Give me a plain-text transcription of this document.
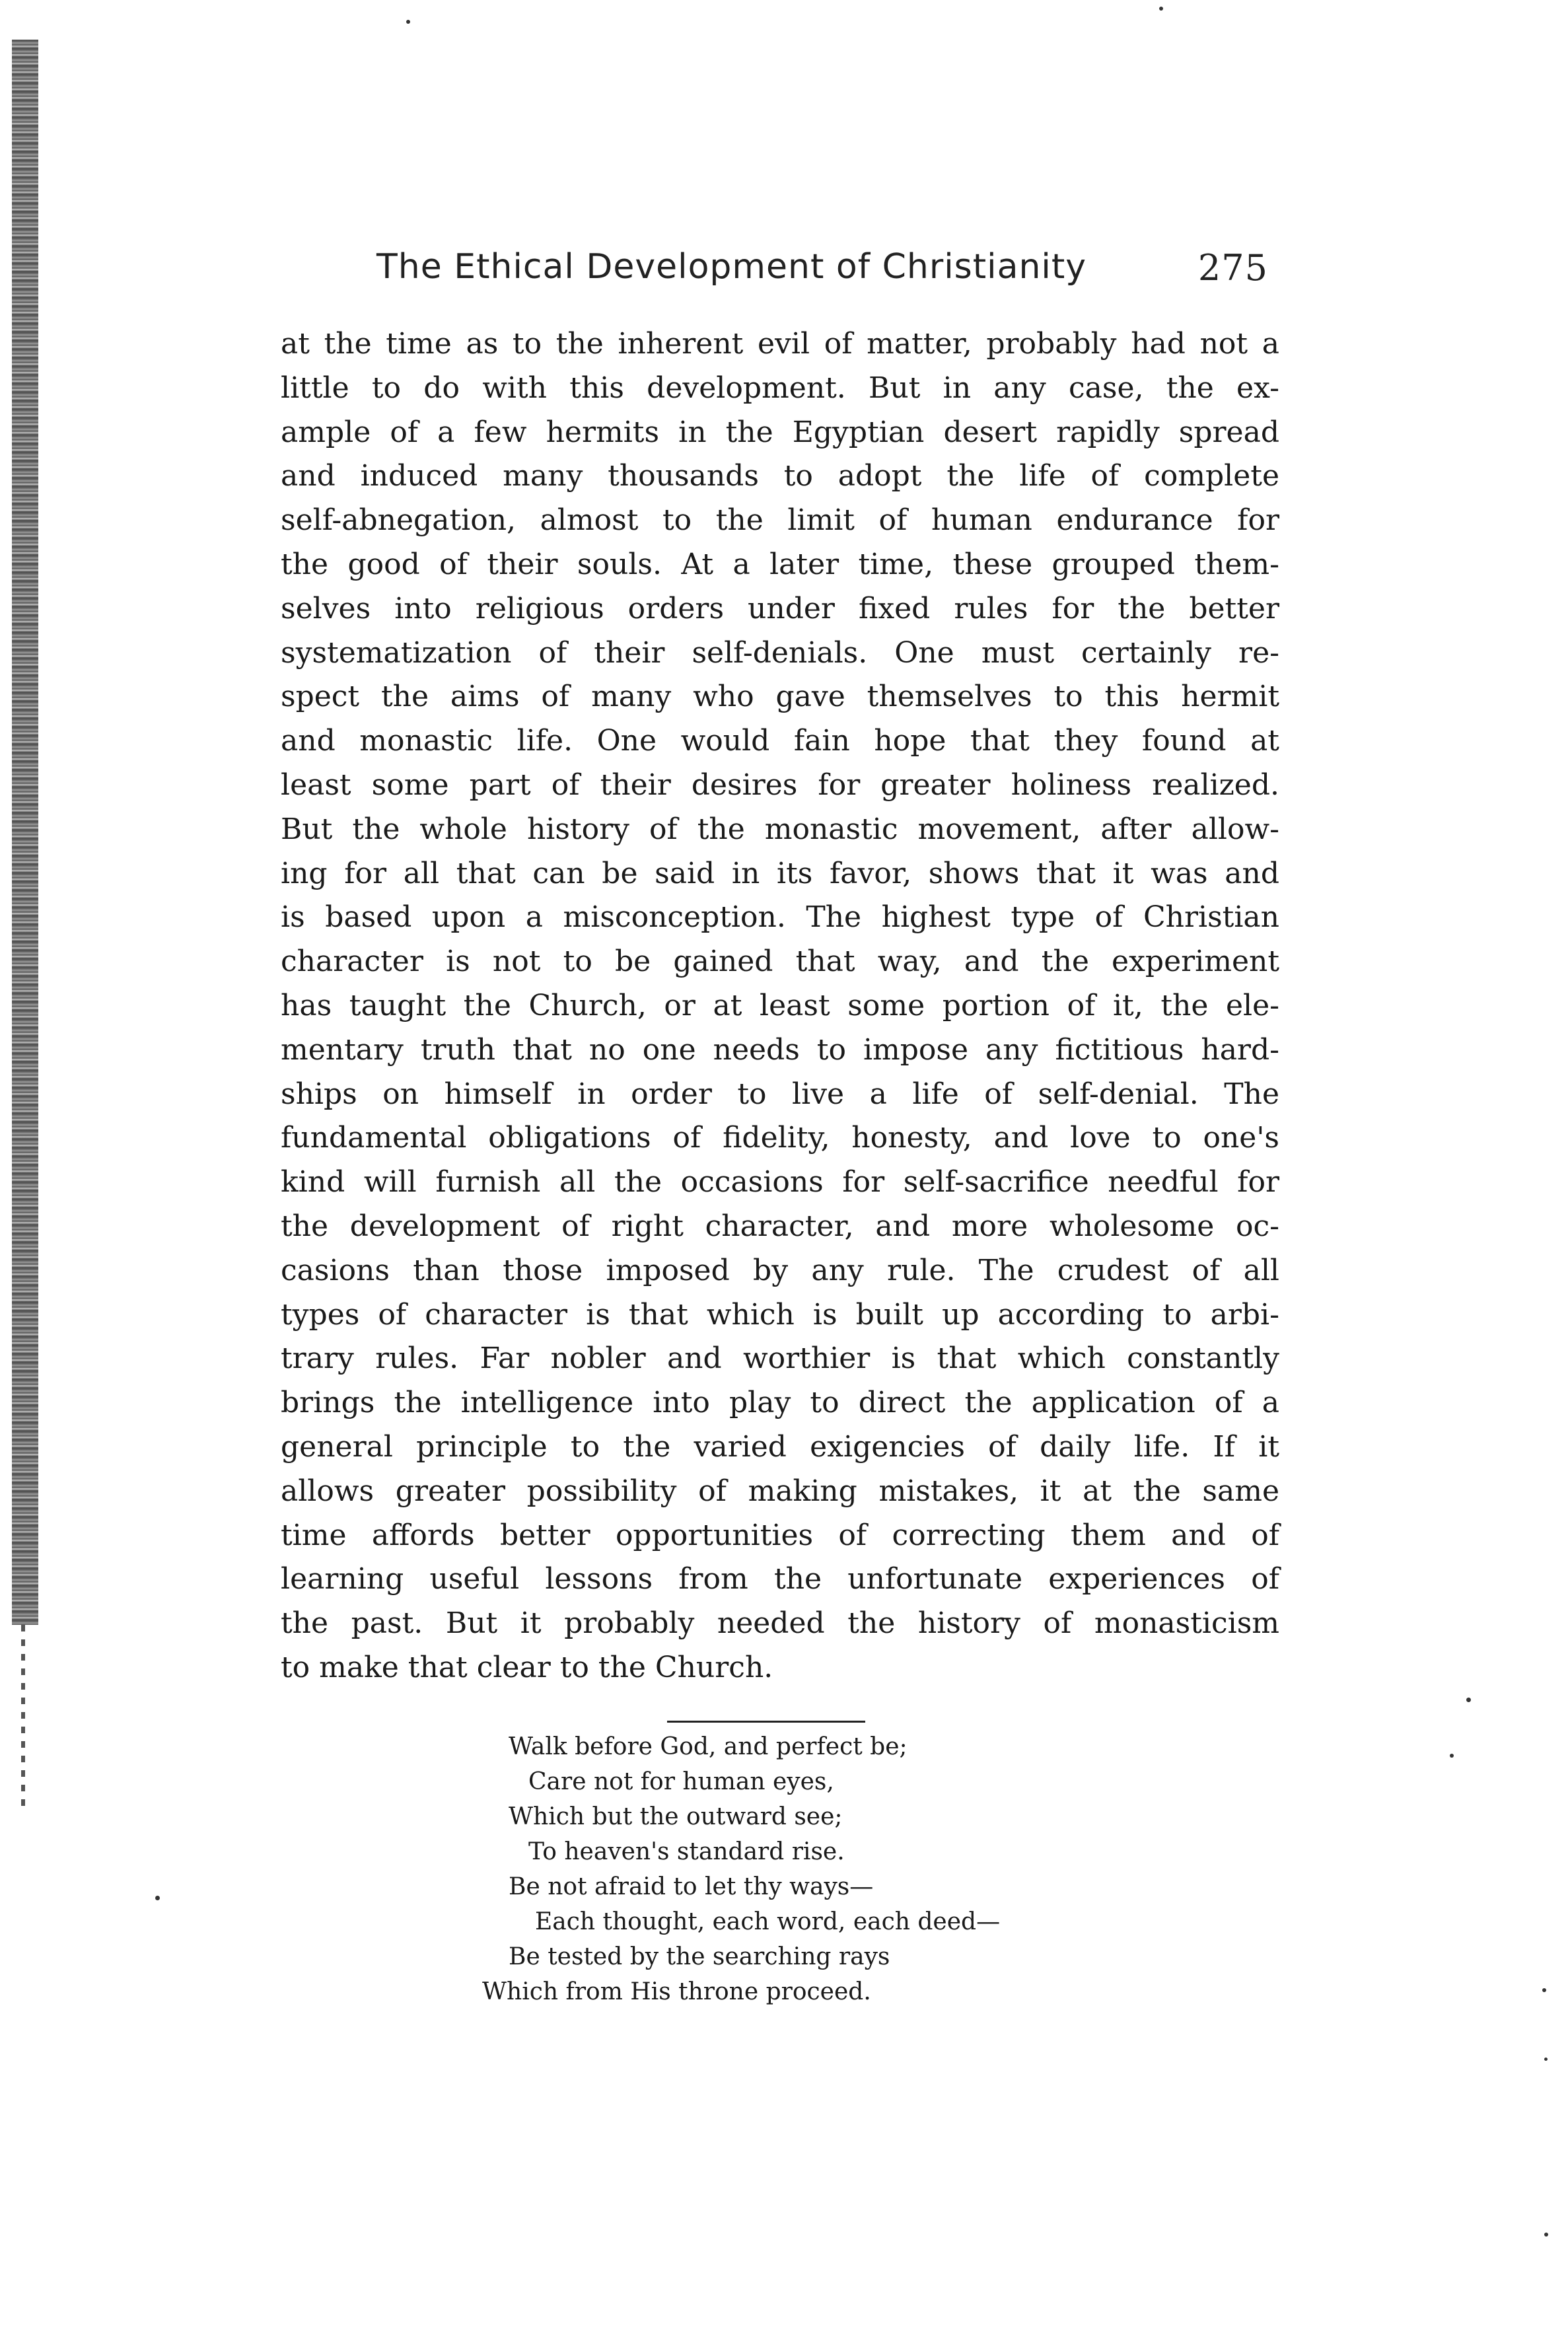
The Ethical Development of Christianity	275
at the time as to the inherent evil of matter, probably had not a
little to do with this development. But in any case, the ex-
ample of a few hermits in the Egyptian desert rapidly spread
and induced many thousands to adopt the life of complete
self-abnegation, almost to the limit of human endurance for
the good of their souls. At a later time, these grouped them-
selves into religious orders under fixed rules for the better
systematization of their self-denials. One must certainly re-
spect the aims of many who gave themselves to this hermit
and monastic life. One would fain hope that they found at
least some part of their desires for greater holiness realized.
But the whole history of the monastic movement, after allow-
ing for all that can be said in its favor, shows that it was and
is based upon a misconception. The highest type of Christian
character is not to be gained that way, and the experiment
has taught the Church, or at least some portion of it, the ele-
mentary truth that no one needs to impose any fictitious hard-
ships on himself in order to live a life of self-denial. The
fundamental obligations of fidelity, honesty, and love to one's
kind will furnish all the occasions for self-sacrifice needful for
the development of right character, and more wholesome oc-
casions than those imposed by any rule. The crudest of all
types of character is that which is built up according to arbi-
trary rules. Far nobler and worthier is that which constantly
brings the intelligence into play to direct the application of a
general principle to the varied exigencies of daily life. If it
allows greater possibility of making mistakes, it at the same
time affords better opportunities of correcting them and of
learning useful lessons from the unfortunate experiences of
the past. But it probably needed the history of monasticism
to make that clear to the Church.
Walk before God, and perfect be;
Care not for human eyes,
Which but the outward see;
To heaven's standard rise.
Be not afraid to let thy ways—
Each thought, each word, each deed—
Be tested by the searching rays
Which from His throne proceed.
